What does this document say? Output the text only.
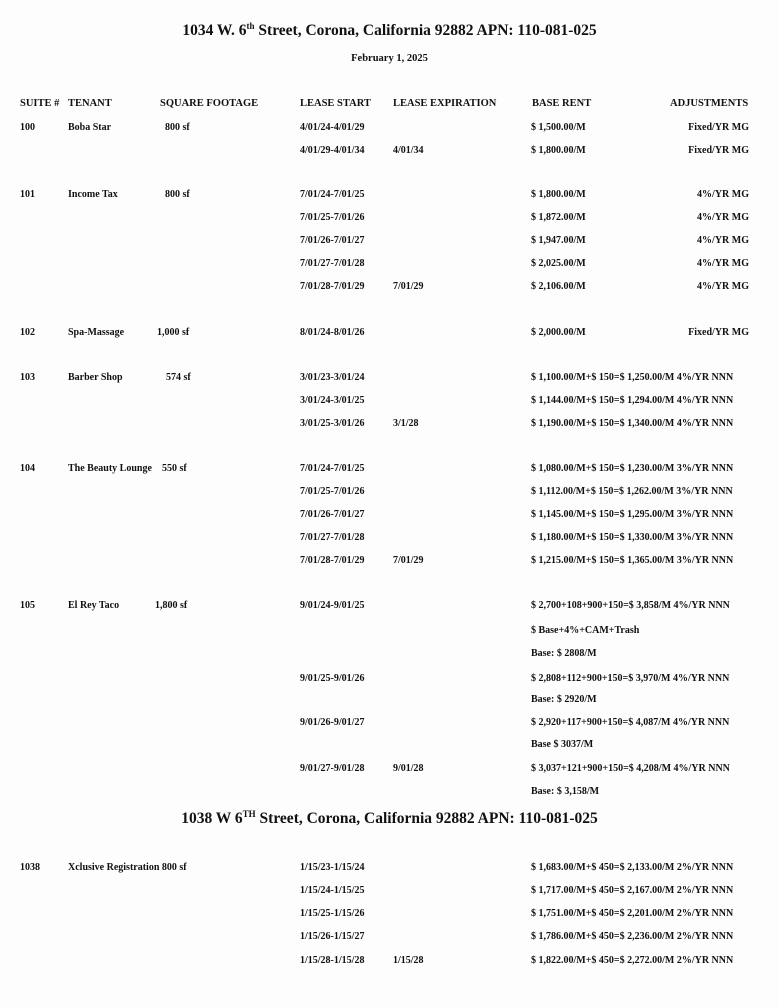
1034 W. 6th Street, Corona, California 92882 APN: 110-081-025
February 1, 2025
SUITE # TENANT	SQUARE FOOTAGE	LEASE START LEASE EXPIRATION	BASE RENT	ADJUSTMENTS
100	Boba Star	800 sf	4/01/24-4/01/29	$ 1,500.00/M	Fixed/YR MG
4/01/29-4/01/34	4/01/34	$ 1,800.00/M	Fixed/YR MG
101	Income Tax	800 sf	7/01/24-7/01/25	$ 1,800.00/M	4%/YR MG
7/01/25-7/01/26	$ 1,872.00/M	4%/YR MG
7/01/26-7/01/27	$ 1,947.00/M	4%/YR MG
7/01/27-7/01/28	$ 2,025.00/M	4%/YR MG
7/01/28-7/01/29	7/01/29	$ 2,106.00/M	4%/YR MG
102	Spa-Massage	1,000 sf	8/01/24-8/01/26	$ 2,000.00/M	Fixed/YR MG
103	Barber Shop	574 sf	3/01/23-3/01/24	$ 1,100.00/M+$ 150=$ 1,250.00/M 4%/YR NNN
3/01/24-3/01/25	$ 1,144.00/M+$ 150=$ 1,294.00/M 4%/YR NNN
3/01/25-3/01/26	3/1/28	$ 1,190.00/M+$ 150=$ 1,340.00/M 4%/YR NNN
104	The Beauty Lounge 550 sf	7/01/24-7/01/25	$ 1,080.00/M+$ 150=$ 1,230.00/M 3%/YR NNN
7/01/25-7/01/26	$ 1,112.00/M+$ 150=$ 1,262.00/M 3%/YR NNN
7/01/26-7/01/27	$ 1,145.00/M+$ 150=$ 1,295.00/M 3%/YR NNN
7/01/27-7/01/28	$ 1,180.00/M+$ 150=$ 1,330.00/M 3%/YR NNN
7/01/28-7/01/29	7/01/29	$ 1,215.00/M+$ 150=$ 1,365.00/M 3%/YR NNN
105	El Rey Taco	1,800 sf	9/01/24-9/01/25	$ 2,700+108+900+150=$ 3,858/M 4%/YR NNN
$ Base+4%+CAM+Trash
Base: $ 2808/M
9/01/25-9/01/26	$ 2,808+112+900+150=$ 3,970/M 4%/YR NNN
Base: $ 2920/M
9/01/26-9/01/27	$ 2,920+117+900+150=$ 4,087/M 4%/YR NNN
Base $ 3037/M
9/01/27-9/01/28	9/01/28	$ 3,037+121+900+150=$ 4,208/M 4%/YR NNN
Base: $ 3,158/M
1038 W 6TH Street, Corona, California 92882 APN: 110-081-025
1038	Xclusive Registration 800 sf	1/15/23-1/15/24	$ 1,683.00/M+$ 450=$ 2,133.00/M 2%/YR NNN
1/15/24-1/15/25	$ 1,717.00/M+$ 450=$ 2,167.00/M 2%/YR NNN
1/15/25-1/15/26	$ 1,751.00/M+$ 450=$ 2,201.00/M 2%/YR NNN
1/15/26-1/15/27	$ 1,786.00/M+$ 450=$ 2,236.00/M 2%/YR NNN
1/15/28-1/15/28	1/15/28	$ 1,822.00/M+$ 450=$ 2,272.00/M 2%/YR NNN
